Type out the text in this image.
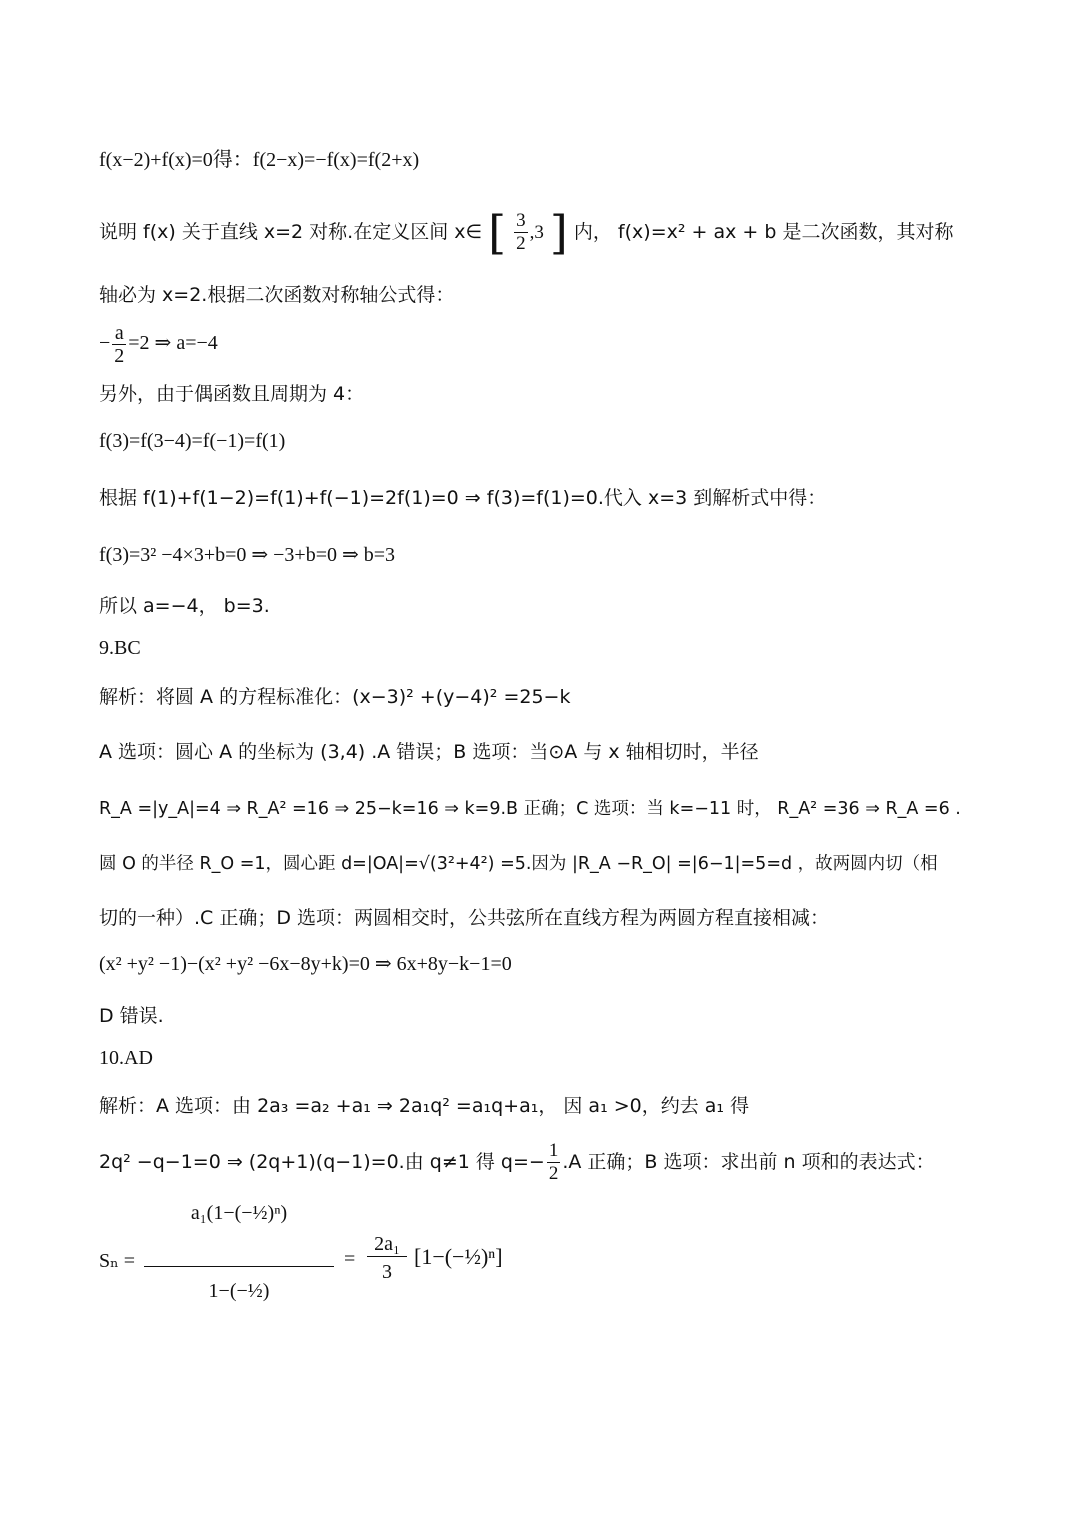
f(x−2)+f(x)=0得：f(2−x)=−f(x)=f(2+x)
说明 f(x) 关于直线 x=2 对称.在定义区间 x∈ [ $\frac{3}{2} ,3$ ] 内， f(x)=x² + ax + b 是二次函数，其对称
轴必为 x=2.根据二次函数对称轴公式得：
− $\frac{a}{2} =2$ ⇒ a=−4
另外，由于偶函数且周期为 4：
f(3)=f(3−4)=f(−1)=f(1)
根据 f(1)+f(1−2)=f(1)+f(−1)=2f(1)=0 ⇒ f(3)=f(1)=0.代入 x=3 到解析式中得：
f(3)=3² −4×3+b=0 ⇒ −3+b=0 ⇒ b=3
所以 a=−4， b=3.
9.BC
解析：将圆 A 的方程标准化：(x−3)² +(y−4)² =25−k
A 选项：圆心 A 的坐标为 (3,4) .A 错误；B 选项：当⊙A 与 x 轴相切时，半径
R_A =|y_A|=4 ⇒ R_A² =16 ⇒ 25−k=16 ⇒ k=9.B 正确；C 选项：当 k=−11 时， R_A² =36 ⇒ R_A =6 .
圆 O 的半径 R_O =1，圆心距 d=|OA|=√(3²+4²) =5.因为 |R_A −R_O| =|6−1|=5=d ，故两圆内切（相
切的一种）.C 正确；D 选项：两圆相交时，公共弦所在直线方程为两圆方程直接相减：
(x² +y² −1)−(x² +y² −6x−8y+k)=0 ⇒ 6x+8y−k−1=0
D 错误.
10.AD
解析：A 选项：由 2a₃ =a₂ +a₁ ⇒ 2a₁q² =a₁q+a₁， 因 a₁ >0，约去 a₁ 得
2q² −q−1=0 ⇒ (2q+1)(q−1)=0.由 q≠1 得 $q=- \frac{1}{2} .A$ 正确；B 选项：求出前 n 项和的表达式：
Sₙ =
a₁(1−(−½)ⁿ)
1−(−½)
=
2a₁
3
[1−(−½)ⁿ]
